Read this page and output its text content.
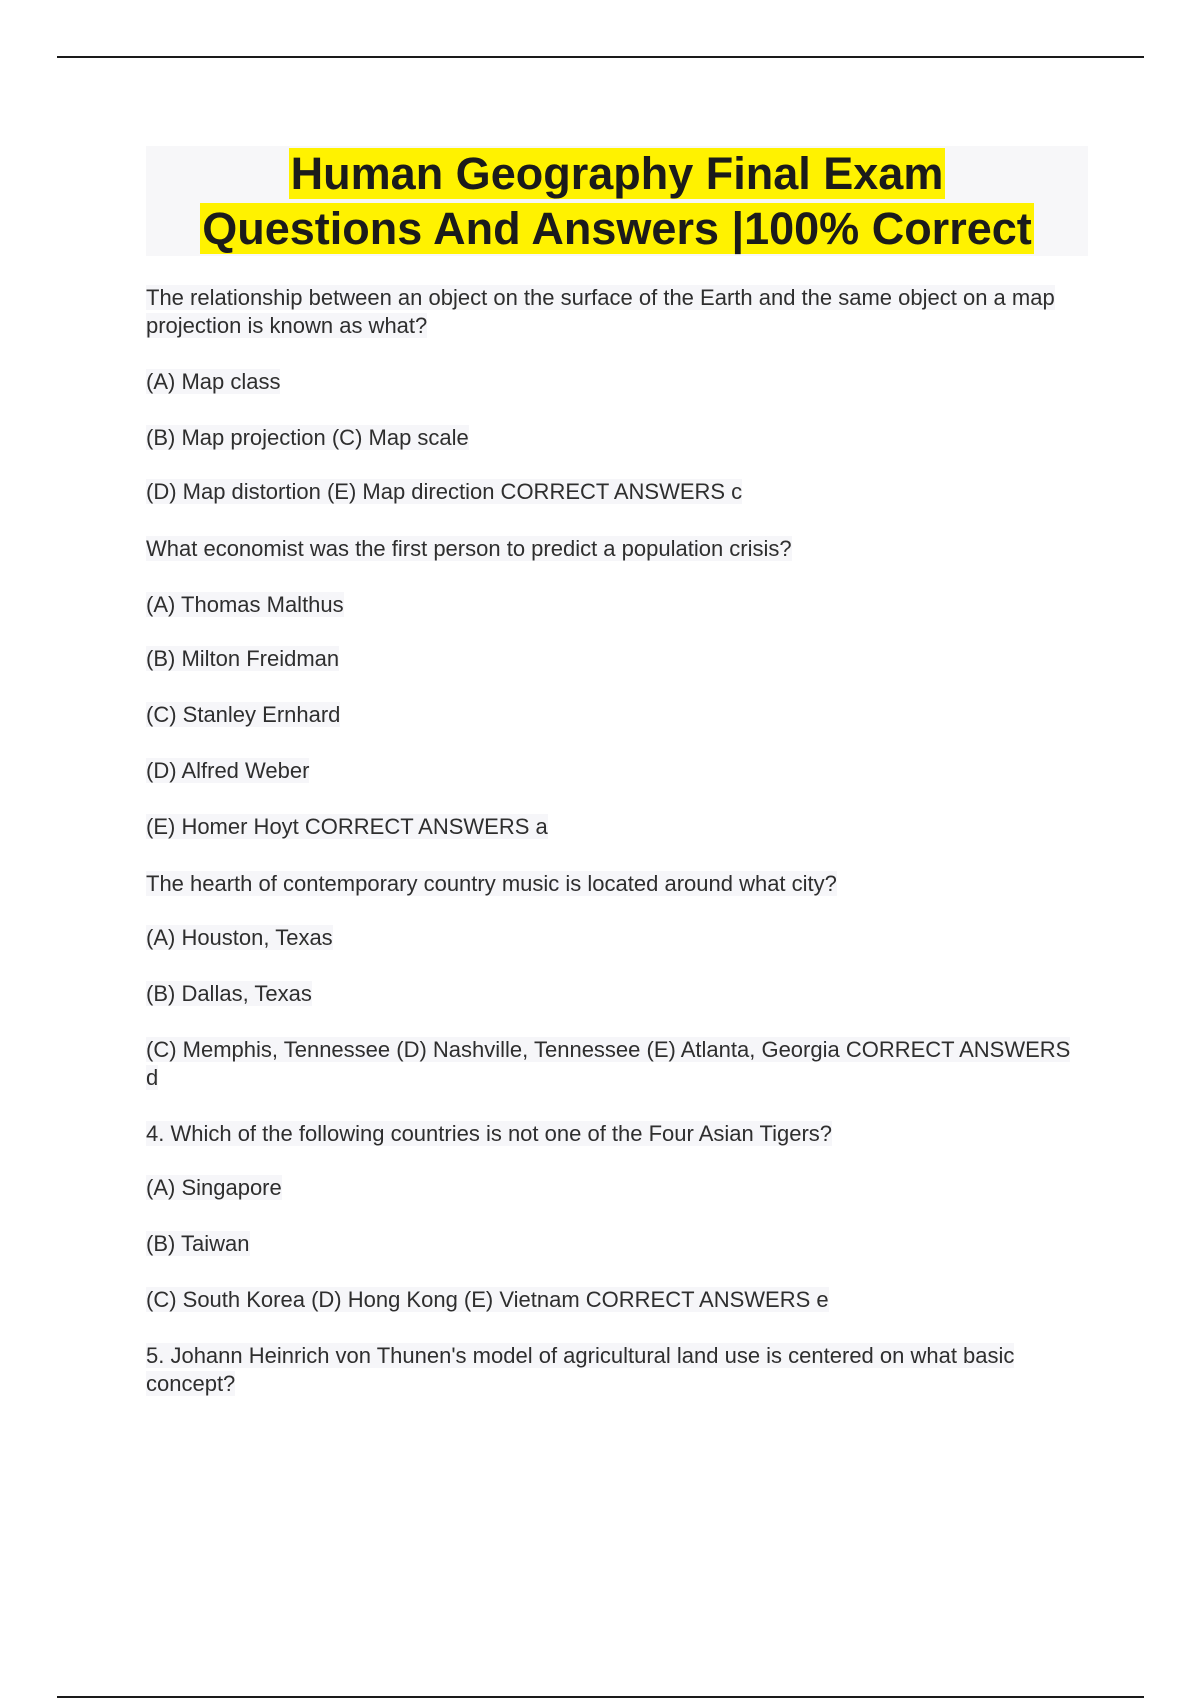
Human Geography Final Exam
Questions And Answers |100% Correct
The relationship between an object on the surface of the Earth and the same object on a map projection is known as what?
(A) Map class
(B) Map projection (C) Map scale
(D) Map distortion (E) Map direction CORRECT ANSWERS c
What economist was the first person to predict a population crisis?
(A) Thomas Malthus
(B) Milton Freidman
(C) Stanley Ernhard
(D) Alfred Weber
(E) Homer Hoyt CORRECT ANSWERS a
The hearth of contemporary country music is located around what city?
(A) Houston, Texas
(B) Dallas, Texas
(C) Memphis, Tennessee (D) Nashville, Tennessee (E) Atlanta, Georgia CORRECT ANSWERS d
4. Which of the following countries is not one of the Four Asian Tigers?
(A) Singapore
(B) Taiwan
(C) South Korea (D) Hong Kong (E) Vietnam CORRECT ANSWERS e
5. Johann Heinrich von Thunen's model of agricultural land use is centered on what basic concept?
